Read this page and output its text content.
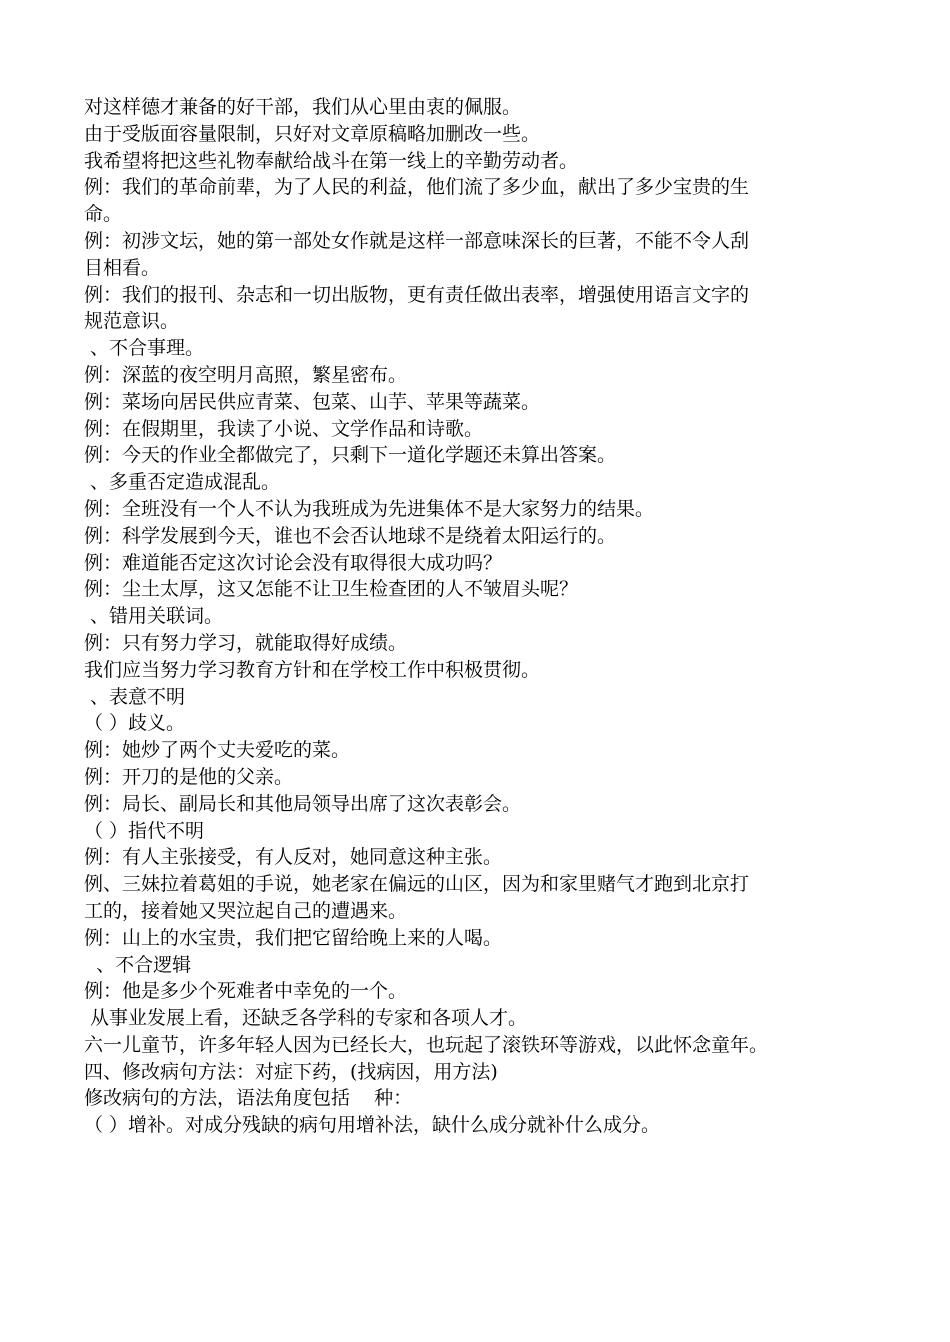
对这样德才兼备的好干部，我们从心里由衷的佩服。
由于受版面容量限制，只好对文章原稿略加删改一些。
我希望将把这些礼物奉献给战斗在第一线上的辛勤劳动者。
例：我们的革命前辈，为了人民的利益，他们流了多少血，献出了多少宝贵的生
命。
例：初涉文坛，她的第一部处女作就是这样一部意味深长的巨著，不能不令人刮
目相看。
例：我们的报刊、杂志和一切出版物，更有责任做出表率，增强使用语言文字的
规范意识。
、不合事理。
例：深蓝的夜空明月高照，繁星密布。
例：菜场向居民供应青菜、包菜、山芋、苹果等蔬菜。
例：在假期里，我读了小说、文学作品和诗歌。
例：今天的作业全都做完了，只剩下一道化学题还未算出答案。
、多重否定造成混乱。
例：全班没有一个人不认为我班成为先进集体不是大家努力的结果。
例：科学发展到今天，谁也不会否认地球不是绕着太阳运行的。
例：难道能否定这次讨论会没有取得很大成功吗？
例：尘土太厚，这又怎能不让卫生检查团的人不皱眉头呢？
、错用关联词。
例：只有努力学习，就能取得好成绩。
我们应当努力学习教育方针和在学校工作中积极贯彻。
、表意不明
（ ）歧义。
例：她炒了两个丈夫爱吃的菜。
例：开刀的是他的父亲。
例：局长、副局长和其他局领导出席了这次表彰会。
（ ）指代不明
例：有人主张接受，有人反对，她同意这种主张。
例、三妹拉着葛姐的手说，她老家在偏远的山区，因为和家里赌气才跑到北京打
工的，接着她又哭泣起自己的遭遇来。
例：山上的水宝贵，我们把它留给晚上来的人喝。
、不合逻辑
例：他是多少个死难者中幸免的一个。
从事业发展上看，还缺乏各学科的专家和各项人才。
六一儿童节，许多年轻人因为已经长大，也玩起了滚铁环等游戏，以此怀念童年。
四、修改病句方法：对症下药，(找病因，用方法)
修改病句的方法，语法角度包括    种：
（ ）增补。对成分残缺的病句用增补法，缺什么成分就补什么成分。
